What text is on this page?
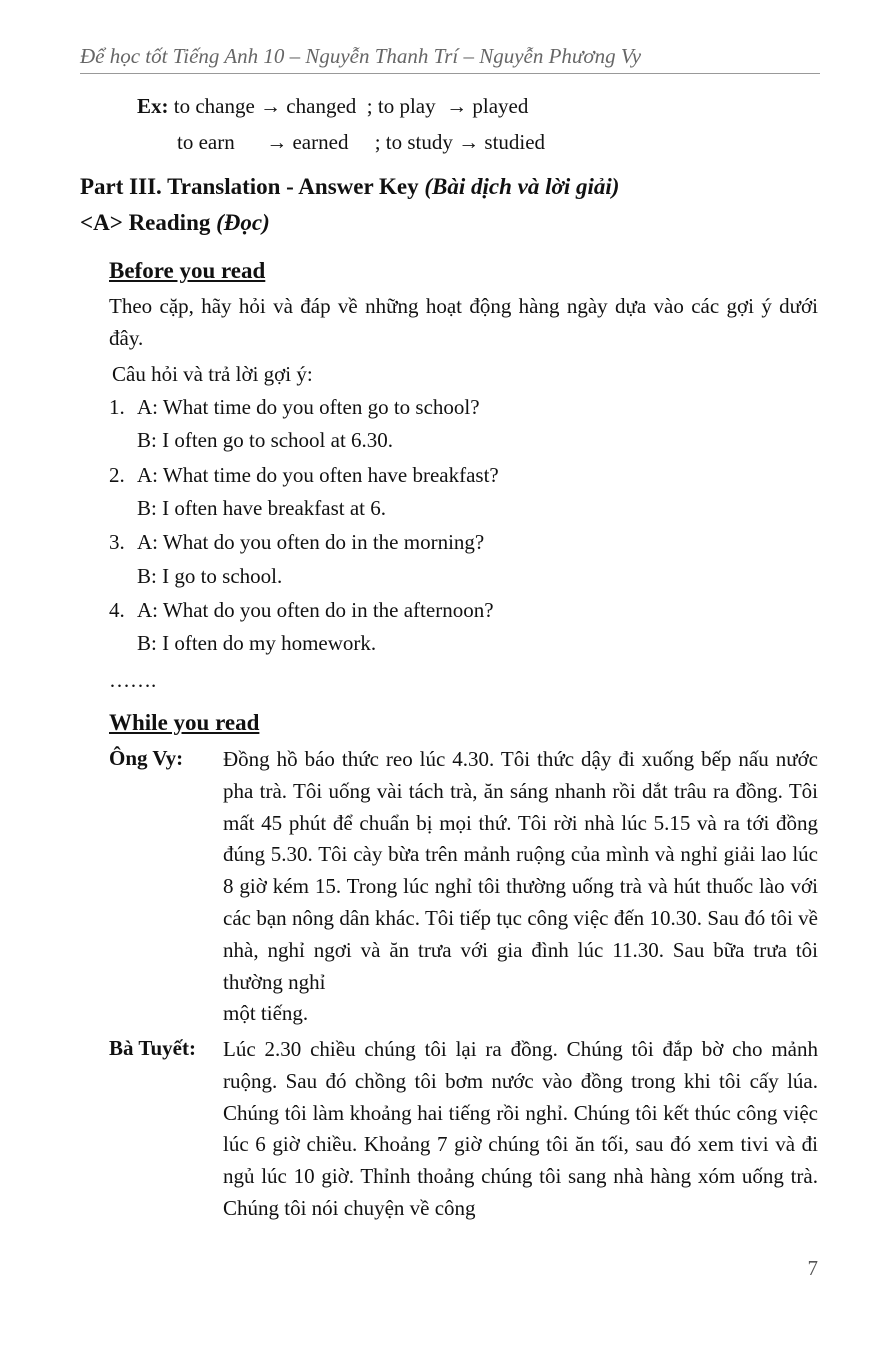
Để học tốt Tiếng Anh 10 – Nguyễn Thanh Trí – Nguyễn Phương Vy
Ex: to change → changed ; to play → played
to earn → earned ; to study → studied
Part III. Translation - Answer Key (Bài dịch và lời giải)
<A> Reading (Đọc)
Before you read
Theo cặp, hãy hỏi và đáp về những hoạt động hàng ngày dựa vào các gợi ý dưới đây.
Câu hỏi và trả lời gợi ý:
1. A: What time do you often go to school?
B: I often go to school at 6.30.
2. A: What time do you often have breakfast?
B: I often have breakfast at 6.
3. A: What do you often do in the morning?
B: I go to school.
4. A: What do you often do in the afternoon?
B: I often do my homework.
…….
While you read
Ông Vy: Đồng hồ báo thức reo lúc 4.30. Tôi thức dậy đi xuống bếp nấu nước pha trà. Tôi uống vài tách trà, ăn sáng nhanh rồi dắt trâu ra đồng. Tôi mất 45 phút để chuẩn bị mọi thứ. Tôi rời nhà lúc 5.15 và ra tới đồng đúng 5.30. Tôi cày bừa trên mảnh ruộng của mình và nghỉ giải lao lúc 8 giờ kém 15. Trong lúc nghỉ tôi thường uống trà và hút thuốc lào với các bạn nông dân khác. Tôi tiếp tục công việc đến 10.30. Sau đó tôi về nhà, nghỉ ngơi và ăn trưa với gia đình lúc 11.30. Sau bữa trưa tôi thường nghỉ
một tiếng.
Bà Tuyết: Lúc 2.30 chiều chúng tôi lại ra đồng. Chúng tôi đắp bờ cho mảnh ruộng. Sau đó chồng tôi bơm nước vào đồng trong khi tôi cấy lúa. Chúng tôi làm khoảng hai tiếng rồi nghỉ. Chúng tôi kết thúc công việc lúc 6 giờ chiều. Khoảng 7 giờ chúng tôi ăn tối, sau đó xem tivi và đi ngủ lúc 10 giờ. Thỉnh thoảng chúng tôi sang nhà hàng xóm uống trà. Chúng tôi nói chuyện về công
7
